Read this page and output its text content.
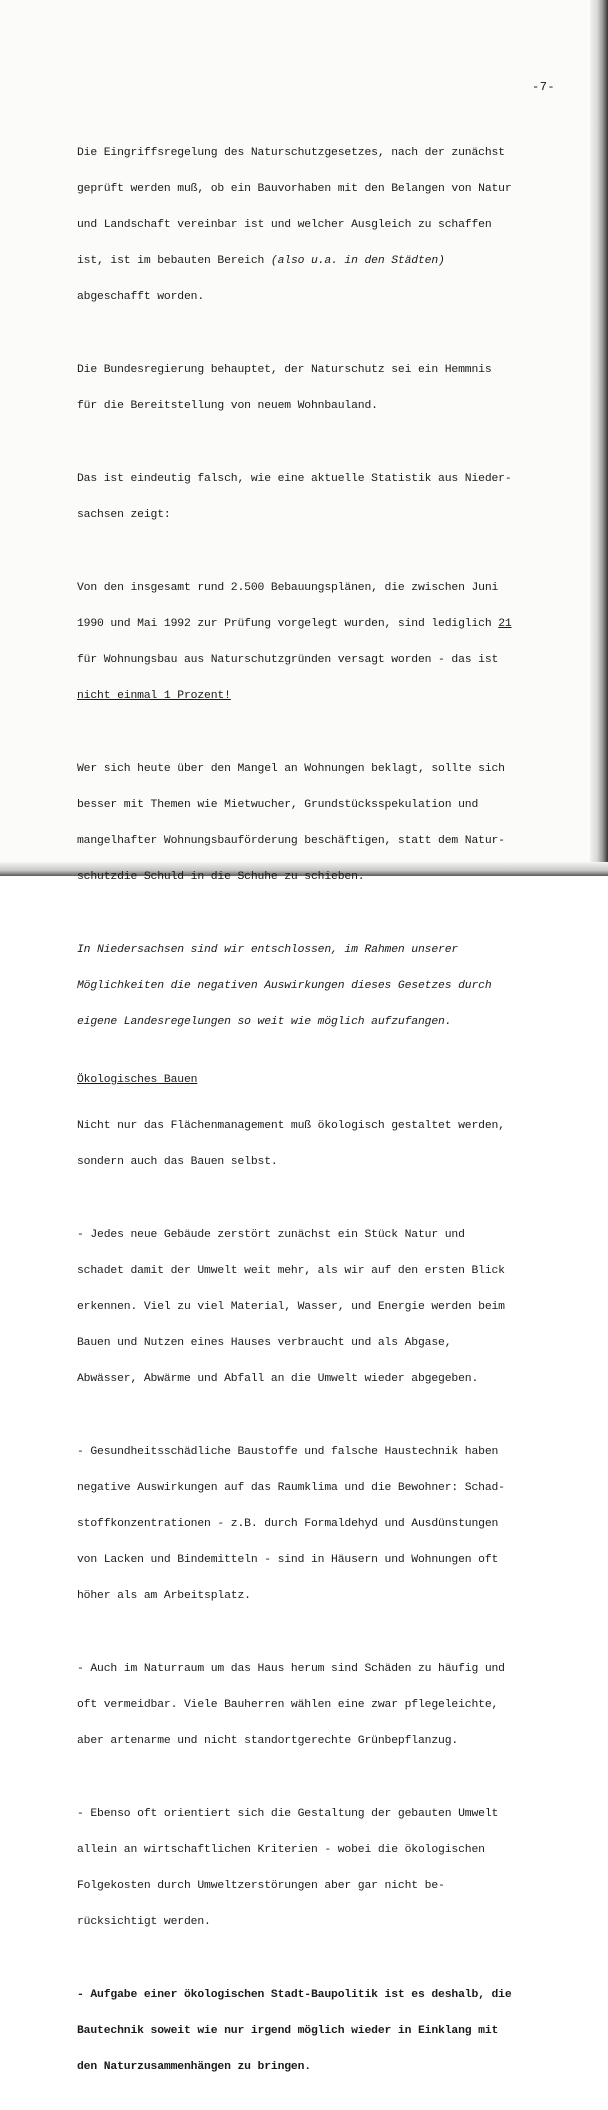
-7-

Die Eingriffsregelung des Naturschutzgesetzes, nach der zunächst

geprüft werden muß, ob ein Bauvorhaben mit den Belangen von Natur

und Landschaft vereinbar ist und welcher Ausgleich zu schaffen

ist, ist im bebauten Bereich (also u.a. in den Städten)

abgeschafft worden.

Die Bundesregierung behauptet, der Naturschutz sei ein Hemmnis

für die Bereitstellung von neuem Wohnbauland.

Das ist eindeutig falsch, wie eine aktuelle Statistik aus Nieder-

sachsen zeigt:

Von den insgesamt rund 2.500 Bebauungsplänen, die zwischen Juni

1990 und Mai 1992 zur Prüfung vorgelegt wurden, sind lediglich 21

für Wohnungsbau aus Naturschutzgründen versagt worden - das ist

nicht einmal 1 Prozent!

Wer sich heute über den Mangel an Wohnungen beklagt, sollte sich

besser mit Themen wie Mietwucher, Grundstücksspekulation und

mangelhafter Wohnungsbauförderung beschäftigen, statt dem Natur-

schutzdie Schuld in die Schuhe zu schieben.

In Niedersachsen sind wir entschlossen, im Rahmen unserer

Möglichkeiten die negativen Auswirkungen dieses Gesetzes durch

eigene Landesregelungen so weit wie möglich aufzufangen.

Ökologisches Bauen

Nicht nur das Flächenmanagement muß ökologisch gestaltet werden,

sondern auch das Bauen selbst.

- Jedes neue Gebäude zerstört zunächst ein Stück Natur und

schadet damit der Umwelt weit mehr, als wir auf den ersten Blick

erkennen. Viel zu viel Material, Wasser, und Energie werden beim

Bauen und Nutzen eines Hauses verbraucht und als Abgase,

Abwässer, Abwärme und Abfall an die Umwelt wieder abgegeben.

- Gesundheitsschädliche Baustoffe und falsche Haustechnik haben

negative Auswirkungen auf das Raumklima und die Bewohner: Schad-

stoffkonzentrationen - z.B. durch Formaldehyd und Ausdünstungen

von Lacken und Bindemitteln - sind in Häusern und Wohnungen oft

höher als am Arbeitsplatz.

- Auch im Naturraum um das Haus herum sind Schäden zu häufig und

oft vermeidbar. Viele Bauherren wählen eine zwar pflegeleichte,

aber artenarme und nicht standortgerechte Grünbepflanzug.

- Ebenso oft orientiert sich die Gestaltung der gebauten Umwelt

allein an wirtschaftlichen Kriterien - wobei die ökologischen

Folgekosten durch Umweltzerstörungen aber gar nicht be-

rücksichtigt werden.

- Aufgabe einer ökologischen Stadt-Baupolitik ist es deshalb, die

Bautechnik soweit wie nur irgend möglich wieder in Einklang mit

den Naturzusammenhängen zu bringen.
